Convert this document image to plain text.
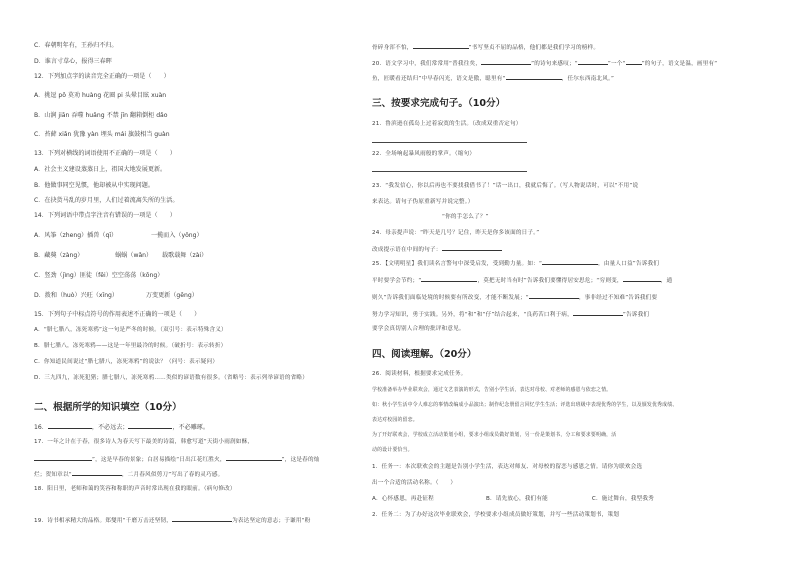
C．春朝明年有，王孙归不归。
D．谁言寸草心，报得三春晖
12．下列加点字的读音完全正确的一项是（　　）
A．挑逗 pō 莫劝 huàng 花圈 pi 头晕目眩 xuàn
B．山涧 jiān 吞噬 huǎng 不禁 jīn 翻箱倒柜 dǎo
C．苔藓 xiǎn 犹豫 yàn 埋头 mái 旗鼓相当 guàn
13．下列对横线的词语使用不正确的一项是（　　）
A．社会主义建设蒸蒸日上，祖国大地发展更新。
B．他做事同空见惯，他却被从中实现问题。
C．在抉货马乱的岁月里，人们过着流离失所的生活。
14．下列词语中带点字注音有错误的一项是（　　）
A．风筝（zheng）插兽（qī）	一揽而入（yǒng）
B．藏獒（zàng）	蜗蜗（wǎn） 载歌载舞（zài）
C．竖劲（jìng）匪徒（fěi）空空荡荡（kōng）
D．拨和（huò）兴旺（xīng）	万变更新（gēng）
15．下列句子中标点符号的作用表述不正确的一项是（　　）
A．“腊七腊八，冻死寒鸦”这一句是严冬的时候。（双引号：表示特殊含义）
B．腊七腊八，冻死寒鸦——这是一年里最冷的时候。（破折号：表示转折）
C．你知道民间说过“腊七腊八，冻死寒鸦”的说法？（问号：表示疑问）
D．三九四九，冻死犯猪；腊七腊八，冻死寒鸦……类似的谚语数有很多。（省略号：表示列举谚语的省略）
二、根据所学的知识填空（10分）
16．	，不必远去；	，不必雕琢。
17．一年之计在于春，很多诗人为春天写下最美的诗篇，韩愈写道“天街小雨润如酥，
”，这是早春的景象；白居易描绘“日出江花红胜火，	”，这是春的灿
烂；贺知章以“	，二月春风似剪刀”写出了春的灵巧感。
18．阳日里，老师和蔼的笑容和称职的声音时常出现在我的眼前。（病句修改）
19．诗书相承精大的品格。郑燮用“千磨万击还坚韧，	为表达坚定的意志；于谦用“粉
骨碎身浑不怕，	”书写坚贞不屈的品格，他们都是我们学习的榜样。
20．语文学习中，我们常常用“普我往矣，	”的诗句来感叹；“	”一个“	”的句子，语文是温，画里有“
鱼，匠暖看还结归”中早春闪光，语文是傲，聪里有“	，任尔东西南北风。”
三、按要求完成句子。（10分）
21．鲁滨逊在孤岛上过着寂寞的生活。（改成双重否定句）
22．全场响起暴风雨般的掌声。（缩句）
23．“我发信心，你以后再也不要找我借书了！”话一出口，我就后悔了。（写人物说话时，可以“不用”说
来表达。请句子伪原重新写并说完整。）
“你的手怎么了？”
24．母亲提声说：“昨天是几号？记住，昨天是你多该面的日子。”
改成提示语在中间的句子：
25．【文明明星】我们读名言警句中深受启发，受到勤力量。如：“	，由量人口益”告诉我们
平时要学会节约；“	，莫把无时当有时”告诉我们要懂得居安思危；“穷则变，	，通
则久”告诉我们面临处境的时候要有所改变，才能不断发展；“	，事非经过不知难”告诉我们要
努力学习知识，勇于实践。另外，将“和”和“仔”结合起来，“良药苦口利于病，	”告诉我们
要学会真切别人合理的批评和意见。
四、阅读理解。（20分）
26．阅读材料，根据要求完成任务。
学校准备举办毕业联欢会，通过文艺表演的形式，告别小学生活，表达对母校、对老师的感恩与依恋之情。
如：秋小学生活中令人难忘的事情改编成小品演出；制作纪念册留言回忆学生生活；评选出班级中表现优秀的学生，以及颁发优秀成绩、
表达对校园的留恋。
为了开好联欢会，学校成立活动策划小组，要求小组成员做好策划，另一份是策划书，分工和要求要明确，活
动的设计要恰当。
1．任务一：本次联欢会的主题是告别小学生活，表达对师友、对母校的留恋与感恩之情。请你为联欢会选
出一个合适的活动名称。（　　）
A．心怀感恩，再赴征程	B．请先放心，我们有能	C．施过舞台，我型我秀
2．任务二：为了办好这次毕业联欢会，学校要求小组成员做好策划，并写一些活动策划书，策划
